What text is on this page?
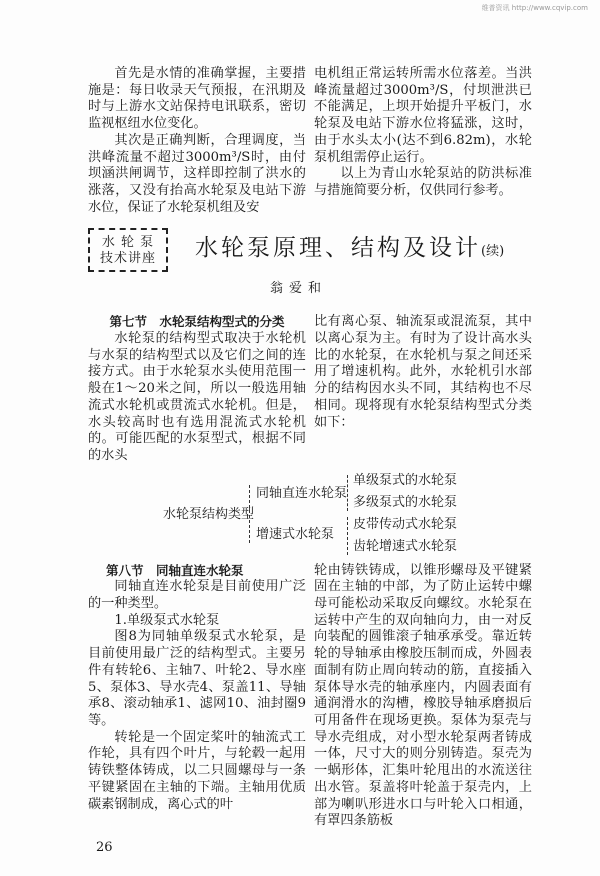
维普资讯 http://www.cqvip.com

首先是水情的准确掌握，主要措施是：每日收录天气预报，在汛期及时与上游水文站保持电讯联系，密切监视枢纽水位变化。

其次是正确判断，合理调度，当洪峰流量不超过3000m³/S时，由付坝涵洪闸调节，这样即控制了洪水的涨落，又没有抬高水轮泵及电站下游水位，保证了水轮泵机组及安

电机组正常运转所需水位落差。当洪峰流量超过3000m³/S，付坝泄洪已不能满足，上坝开始提升平板门，水轮泵及电站下游水位将猛涨，这时，由于水头太小(达不到6.82m)，水轮泵机组需停止运行。

以上为青山水轮泵站的防洪标准与措施简要分析，仅供同行参考。

水 轮 泵
技术讲座	水轮泵原理、结构及设计(续)
翁爱和
第七节　水轮泵结构型式的分类

水轮泵的结构型式取决于水轮机与水泵的结构型式以及它们之间的连接方式。由于水轮泵水头使用范围一般在1～20米之间，所以一般选用轴流式水轮机或贯流式水轮机。但是，水头较高时也有选用混流式水轮机的。可能匹配的水泵型式，根据不同的水头

比有离心泵、轴流泵或混流泵，其中以离心泵为主。有时为了设计高水头比的水轮泵，在水轮机与泵之间还采用了增速机构。此外，水轮机引水部分的结构因水头不同，其结构也不尽相同。现将现有水轮泵结构型式分类如下：

水轮泵结构类型
同轴直连水轮泵
增速式水轮泵
单级泵式的水轮泵
多级泵式的水轮泵
皮带传动式水轮泵
齿轮增速式水轮泵
第八节　同轴直连水轮泵

同轴直连水轮泵是目前使用广泛的一种类型。

1.单级泵式水轮泵

图8为同轴单级泵式水轮泵，是目前使用最广泛的结构型式。主要另件有转轮6、主轴7、叶轮2、导水座5、泵体3、导水壳4、泵盖11、导轴承8、滚动轴承1、滤网10、油封圈9等。

转轮是一个固定桨叶的轴流式工作轮，具有四个叶片，与轮毂一起用铸铁整体铸成，以二只圆螺母与一条平键紧固在主轴的下端。主轴用优质碳素钢制成，离心式的叶

轮由铸铁铸成，以锥形螺母及平键紧固在主轴的中部，为了防止运转中螺母可能松动采取反向螺纹。水轮泵在运转中产生的双向轴向力，由一对反向装配的圆锥滚子轴承承受。靠近转轮的导轴承由橡胶压制而成，外圆表面制有防止周向转动的筋，直接插入泵体导水壳的轴承座内，内圆表面有通润滑水的沟槽，橡胶导轴承磨损后可用备件在现场更换。泵体为泵壳与导水壳组成，对小型水轮泵两者铸成一体，尺寸大的则分别铸造。泵壳为一蜗形体，汇集叶轮甩出的水流送往出水管。泵盖将叶轮盖于泵壳内，上部为喇叭形进水口与叶轮入口相通，有罩四条筋板

26
